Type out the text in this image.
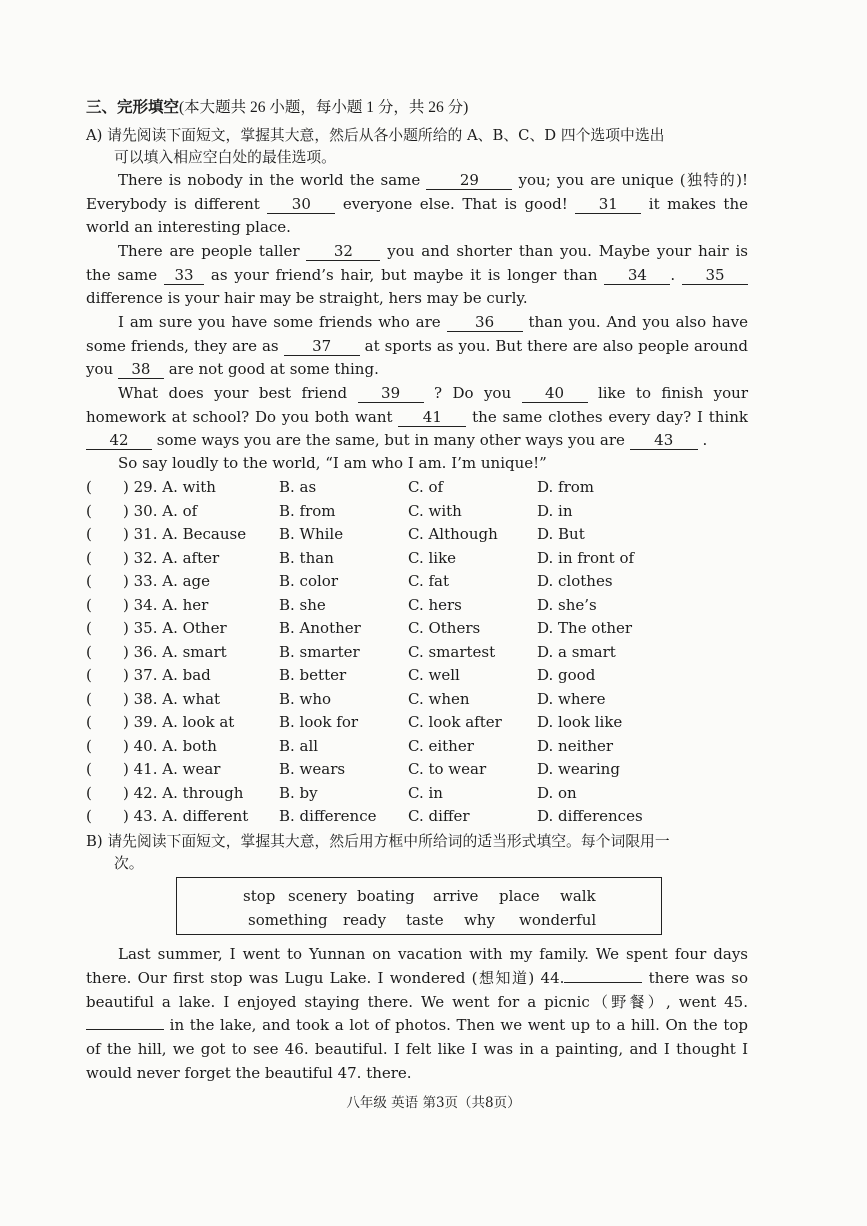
三、完形填空(本大题共 26 小题，每小题 1 分，共 26 分)
A) 请先阅读下面短文，掌握其大意，然后从各小题所给的 A、B、C、D 四个选项中选出
可以填入相应空白处的最佳选项。
There is nobody in the world the same 29 you; you are unique (独特的)! Everybody is different 30 everyone else. That is good! 31 it makes the world an interesting place.
There are people taller 32 you and shorter than you. Maybe your hair is the same 33 as your friend’s hair, but maybe it is longer than 34 . 35 difference is your hair may be straight, hers may be curly.
I am sure you have some friends who are 36 than you. And you also have some friends, they are as 37 at sports as you. But there are also people around you 38 are not good at some thing.
What does your best friend 39 ? Do you 40 like to finish your homework at school? Do you both want 41 the same clothes every day? I think 42 some ways you are the same, but in many other ways you are 43 .
So say loudly to the world, “I am who I am. I’m unique!”
( ) 29. A. with	B. as	C. of	D. from
( ) 30. A. of	B. from	C. with	D. in
( ) 31. A. Because B. While	C. Although	D. But
( ) 32. A. after	B. than	C. like	D. in front of
( ) 33. A. age	B. color	C. fat	D. clothes
( ) 34. A. her	B. she	C. hers	D. she’s
( ) 35. A. Other	B. Another	C. Others	D. The other
( ) 36. A. smart	B. smarter	C. smartest	D. a smart
( ) 37. A. bad	B. better	C. well	D. good
( ) 38. A. what	B. who	C. when	D. where
( ) 39. A. look at	B. look for	C. look after D. look like
( ) 40. A. both	B. all	C. either	D. neither
( ) 41. A. wear	B. wears	C. to wear	D. wearing
( ) 42. A. through B. by	C. in	D. on
( ) 43. A. different B. difference C. differ	D. differences
B) 请先阅读下面短文，掌握其大意，然后用方框中所给词的适当形式填空。每个词限用一
次。
stop scenery boating arrive place walk
something ready taste why wonderful
Last summer, I went to Yunnan on vacation with my family. We spent four days there. Our first stop was Lugu Lake. I wondered (想知道) 44.	there was so beautiful a lake. I enjoyed staying there. We went for a picnic（野餐）, went 45. in the lake, and took a lot of photos. Then we went up to a hill. On the top of the hill, we got to see 46. beautiful. I felt like I was in a painting, and I thought I would never forget the beautiful 47. there.
八年级 英语 第3页（共8页）
